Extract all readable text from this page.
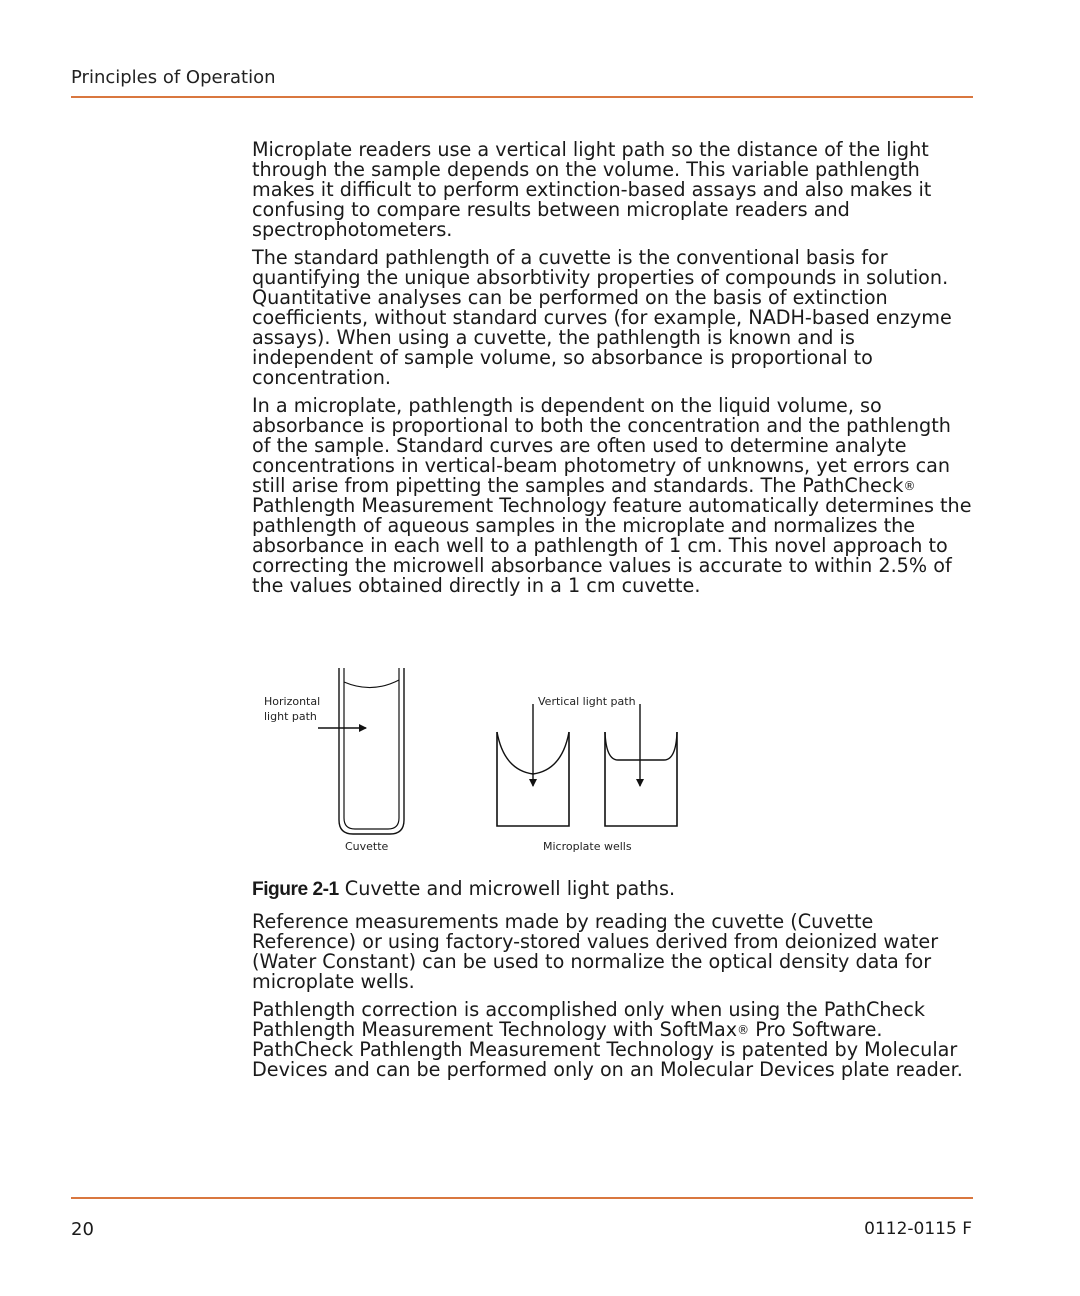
Principles of Operation

Microplate readers use a vertical light path so the distance of the light through the sample depends on the volume. This variable pathlength makes it difficult to perform extinction-based assays and also makes it confusing to compare results between microplate readers and spectrophotometers.

The standard pathlength of a cuvette is the conventional basis for quantifying the unique absorbtivity properties of compounds in solution. Quantitative analyses can be performed on the basis of extinction coefficients, without standard curves (for example, NADH-based enzyme assays). When using a cuvette, the pathlength is known and is independent of sample volume, so absorbance is proportional to concentration.

In a microplate, pathlength is dependent on the liquid volume, so absorbance is proportional to both the concentration and the pathlength of the sample. Standard curves are often used to determine analyte concentrations in vertical-beam photometry of unknowns, yet errors can still arise from pipetting the samples and standards. The PathCheck® Pathlength Measurement Technology feature automatically determines the pathlength of aqueous samples in the microplate and normalizes the absorbance in each well to a pathlength of 1 cm. This novel approach to correcting the microwell absorbance values is accurate to within 2.5% of the values obtained directly in a 1 cm cuvette.

Horizontal
light path
Vertical light path
Cuvette	Microplate wells
Figure 2-1 Cuvette and microwell light paths.

Reference measurements made by reading the cuvette (Cuvette Reference) or using factory-stored values derived from deionized water (Water Constant) can be used to normalize the optical density data for microplate wells.

Pathlength correction is accomplished only when using the PathCheck Pathlength Measurement Technology with SoftMax® Pro Software. PathCheck Pathlength Measurement Technology is patented by Molecular Devices and can be performed only on an Molecular Devices plate reader.

20	0112-0115 F
